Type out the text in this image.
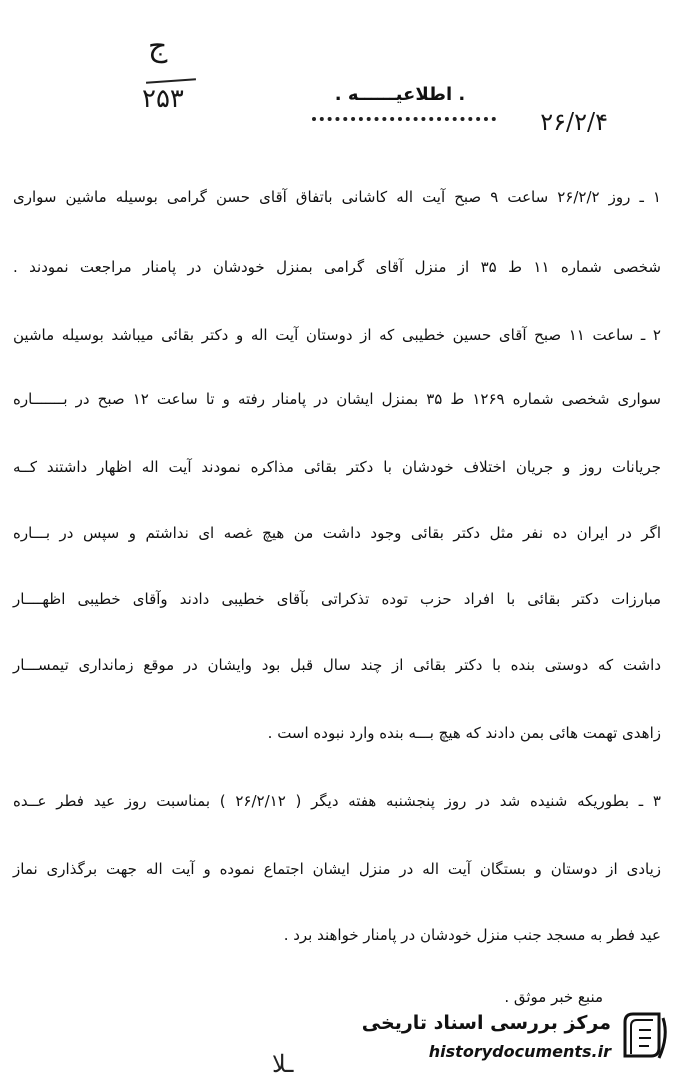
ج
۲۵۳
۲۶/۲/۴
. اطلاعیــــــه .
۱ ـ روز ۲۶/۲/۲ ساعت ۹ صبح آیت اله کاشانی باتفاق آقای حسن گرامی بوسیله ماشین سواری
شخصی شماره ۱۱ ط ۳۵ از منزل آقای گرامی بمنزل خودشان در پامنار مراجعت نمودند .
۲ ـ ساعت ۱۱ صبح آقای حسین خطیبی که از دوستان آیت اله و دکتر بقائی میباشد بوسیله ماشین
سواری شخصی شماره ۱۲۶۹ ط ۳۵ بمنزل ایشان در پامنار رفته و تا ساعت ۱۲ صبح در بـــــــاره
جریانات روز و جریان اختلاف خودشان با دکتر بقائی مذاکره نمودند آیت اله اظهار داشتند کــه
اگر در ایران ده نفر مثل دکتر بقائی وجود داشت من هیچ غصه ای نداشتم و سپس در بـــاره
مبارزات دکتر بقائی با افراد حزب توده تذکراتی بآقای خطیبی دادند وآقای خطیبی اظهــــار
داشت که دوستی بنده با دکتر بقائی از چند سال قبل بود وایشان در موقع زمانداری تیمســـار
زاهدی تهمت هائی بمن دادند که هیچ بـــه بنده وارد نبوده است .
۳ ـ بطوریکه شنیده شد در روز پنجشنبه هفته دیگر ( ۲۶/۲/۱۲ ) بمناسبت روز عید فطر عــده
زیادی از دوستان و بستگان آیت اله در منزل ایشان اجتماع نموده و آیت اله جهت برگذاری نماز
عید فطر به مسجد جنب منزل خودشان در پامنار خواهند برد .
منبع خبر موثق .
ـلا
مرکز بررسی اسناد تاریخی
historydocuments.ir
